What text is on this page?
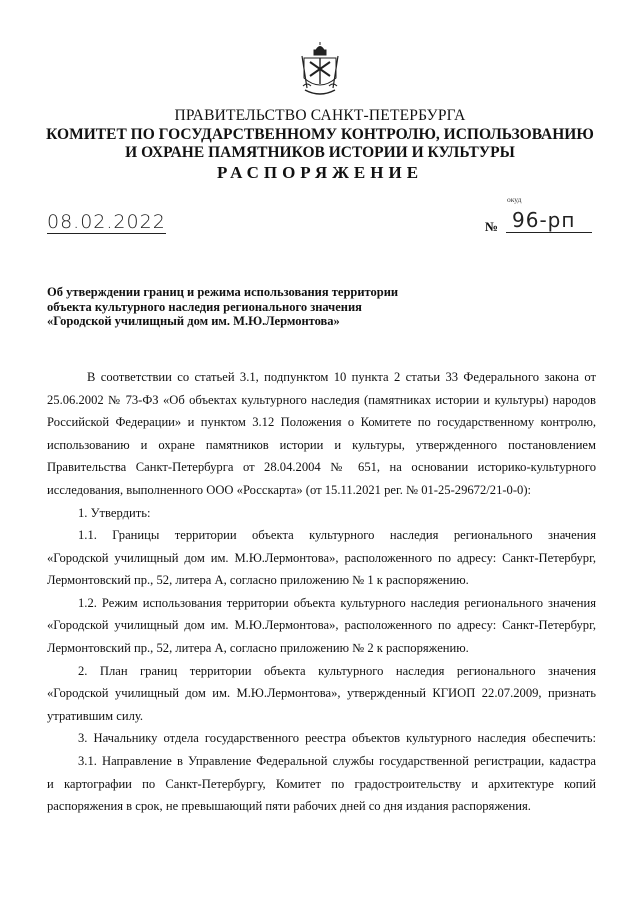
ПРАВИТЕЛЬСТВО САНКТ-ПЕТЕРБУРГА
КОМИТЕТ ПО ГОСУДАРСТВЕННОМУ КОНТРОЛЮ, ИСПОЛЬЗОВАНИЮ
И ОХРАНЕ ПАМЯТНИКОВ ИСТОРИИ И КУЛЬТУРЫ
РАСПОРЯЖЕНИЕ
окуд
08.02.2022	№ 96-рп
Об утверждении границ и режима использования территории
объекта культурного наследия регионального значения
«Городской училищный дом им. М.Ю.Лермонтова»
В соответствии со статьей 3.1, подпунктом 10 пункта 2 статьи 33 Федерального закона от
25.06.2002 № 73-ФЗ «Об объектах культурного наследия (памятниках истории и культуры) народов
Российской Федерации» и пунктом 3.12 Положения о Комитете по государственному контролю,
использованию и охране памятников истории и культуры, утвержденного постановлением
Правительства Санкт-Петербурга от 28.04.2004 № 651, на основании историко-культурного
исследования, выполненного ООО «Росскарта» (от 15.11.2021 рег. № 01-25-29672/21-0-0):
1. Утвердить:
1.1. Границы территории объекта культурного наследия регионального значения
«Городской училищный дом им. М.Ю.Лермонтова», расположенного по адресу: Санкт-Петербург,
Лермонтовский пр., 52, литера А, согласно приложению № 1 к распоряжению.
1.2. Режим использования территории объекта культурного наследия регионального значения
«Городской училищный дом им. М.Ю.Лермонтова», расположенного по адресу: Санкт-Петербург,
Лермонтовский пр., 52, литера А, согласно приложению № 2 к распоряжению.
2. План границ территории объекта культурного наследия регионального значения
«Городской училищный дом им. М.Ю.Лермонтова», утвержденный КГИОП 22.07.2009, признать
утратившим силу.
3. Начальнику отдела государственного реестра объектов культурного наследия обеспечить:
3.1. Направление в Управление Федеральной службы государственной регистрации, кадастра
и картографии по Санкт-Петербургу, Комитет по градостроительству и архитектуре копий
распоряжения в срок, не превышающий пяти рабочих дней со дня издания распоряжения.
